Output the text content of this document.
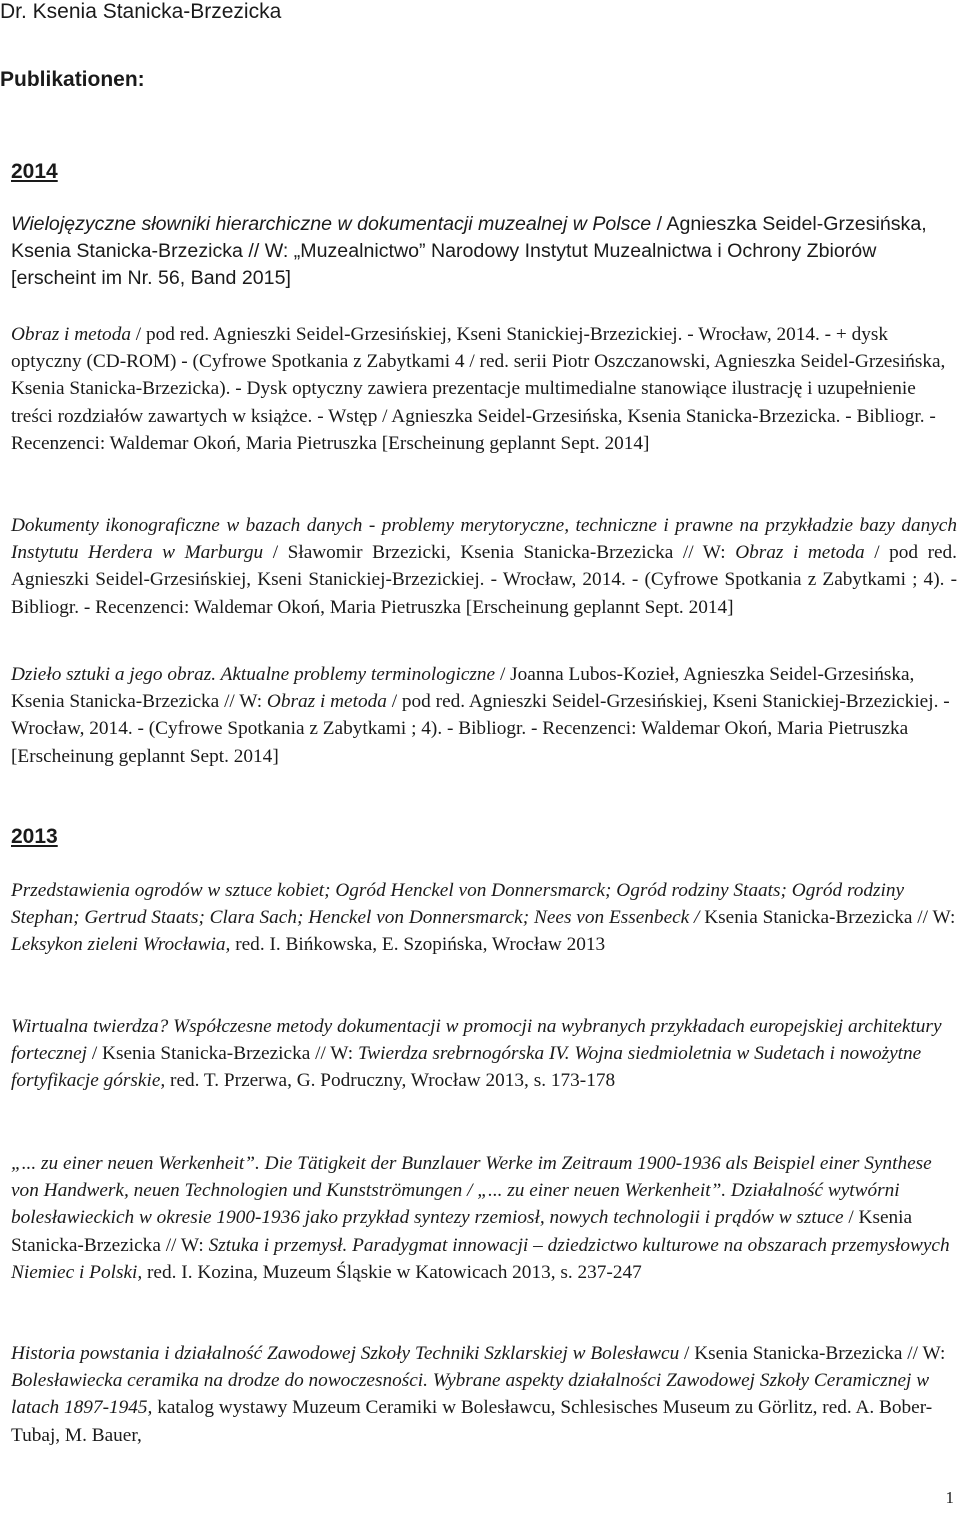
Dr. Ksenia Stanicka-Brzezicka
Publikationen:
2014

Wielojęzyczne słowniki hierarchiczne w dokumentacji muzealnej w Polsce / Agnieszka Seidel-Grzesińska, Ksenia Stanicka-Brzezicka // W: „Muzealnictwo” Narodowy Instytut Muzealnictwa i Ochrony Zbiorów [erscheint im Nr. 56, Band 2015]

Obraz i metoda / pod red. Agnieszki Seidel-Grzesińskiej, Kseni Stanickiej-Brzezickiej. - Wrocław, 2014. - + dysk optyczny (CD-ROM) - (Cyfrowe Spotkania z Zabytkami 4 / red. serii Piotr Oszczanowski, Agnieszka Seidel-Grzesińska, Ksenia Stanicka-Brzezicka). - Dysk optyczny zawiera prezentacje multimedialne stanowiące ilustrację i uzupełnienie treści rozdziałów zawartych w książce. - Wstęp / Agnieszka Seidel-Grzesińska, Ksenia Stanicka-Brzezicka. - Bibliogr. - Recenzenci: Waldemar Okoń, Maria Pietruszka [Erscheinung geplannt Sept. 2014]

Dokumenty ikonograficzne w bazach danych - problemy merytoryczne, techniczne i prawne na przykładzie bazy danych Instytutu Herdera w Marburgu / Sławomir Brzezicki, Ksenia Stanicka-Brzezicka // W: Obraz i metoda / pod red. Agnieszki Seidel-Grzesińskiej, Kseni Stanickiej-Brzezickiej. - Wrocław, 2014. - (Cyfrowe Spotkania z Zabytkami ; 4). - Bibliogr. - Recenzenci: Waldemar Okoń, Maria Pietruszka [Erscheinung geplannt Sept. 2014]

Dzieło sztuki a jego obraz. Aktualne problemy terminologiczne / Joanna Lubos-Kozieł, Agnieszka Seidel-Grzesińska, Ksenia Stanicka-Brzezicka // W: Obraz i metoda / pod red. Agnieszki Seidel-Grzesińskiej, Kseni Stanickiej-Brzezickiej. - Wrocław, 2014. - (Cyfrowe Spotkania z Zabytkami ; 4). - Bibliogr. - Recenzenci: Waldemar Okoń, Maria Pietruszka [Erscheinung geplannt Sept. 2014]

2013

Przedstawienia ogrodów w sztuce kobiet; Ogród Henckel von Donnersmarck; Ogród rodziny Staats; Ogród rodziny Stephan; Gertrud Staats; Clara Sach; Henckel von Donnersmarck; Nees von Essenbeck / Ksenia Stanicka-Brzezicka // W: Leksykon zieleni Wrocławia, red. I. Bińkowska, E. Szopińska, Wrocław 2013

Wirtualna twierdza? Współczesne metody dokumentacji w promocji na wybranych przykładach europejskiej architektury fortecznej / Ksenia Stanicka-Brzezicka // W: Twierdza srebrnogórska IV. Wojna siedmioletnia w Sudetach i nowożytne fortyfikacje górskie, red. T. Przerwa, G. Podruczny, Wrocław 2013, s. 173-178

„... zu einer neuen Werkenheit”. Die Tätigkeit der Bunzlauer Werke im Zeitraum 1900-1936 als Beispiel einer Synthese von Handwerk, neuen Technologien und Kunstströmungen / „... zu einer neuen Werkenheit”. Działalność wytwórni bolesławieckich w okresie 1900-1936 jako przykład syntezy rzemiosł, nowych technologii i prądów w sztuce / Ksenia Stanicka-Brzezicka // W: Sztuka i przemysł. Paradygmat innowacji – dziedzictwo kulturowe na obszarach przemysłowych Niemiec i Polski, red. I. Kozina, Muzeum Śląskie w Katowicach 2013, s. 237-247

Historia powstania i działalność Zawodowej Szkoły Techniki Szklarskiej w Bolesławcu / Ksenia Stanicka-Brzezicka // W: Bolesławiecka ceramika na drodze do nowoczesności. Wybrane aspekty działalności Zawodowej Szkoły Ceramicznej w latach 1897-1945, katalog wystawy Muzeum Ceramiki w Bolesławcu, Schlesisches Museum zu Görlitz, red. A. Bober-Tubaj, M. Bauer,

1
